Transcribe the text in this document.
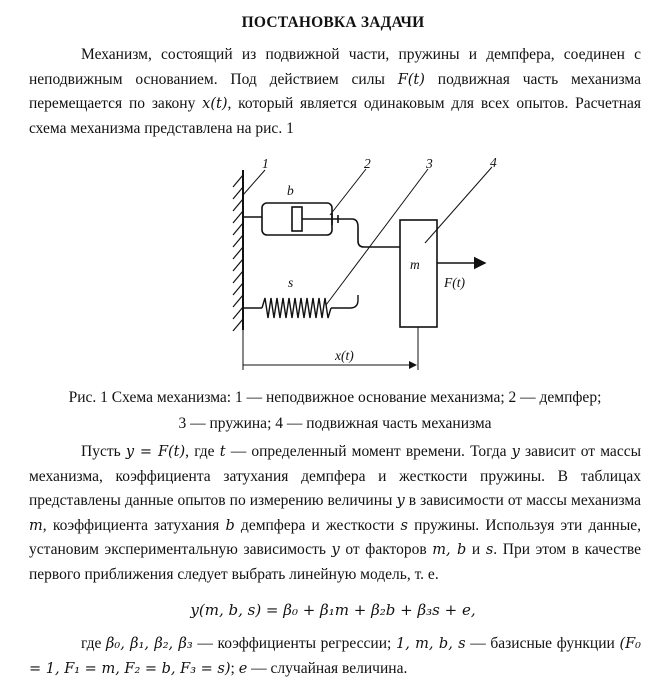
ПОСТАНОВКА ЗАДАЧИ
Механизм, состоящий из подвижной части, пружины и демпфера, соединен с неподвижным основанием. Под действием силы F(t) подвижная часть механизма перемещается по закону x(t), который является одинаковым для всех опытов. Расчетная схема механизма представлена на рис. 1
1	2	3	4
b
s
m
F(t)
x(t)
Рис. 1 Схема механизма: 1 — неподвижное основание механизма; 2 — демпфер;
3 — пружина; 4 — подвижная часть механизма
Пусть y = F(t), где t — определенный момент времени. Тогда y зависит от массы механизма, коэффициента затухания демпфера и жесткости пружины. В таблицах представлены данные опытов по измерению величины y в зависимости от массы механизма m, коэффициента затухания b демпфера и жесткости s пружины. Используя эти данные, установим экспериментальную зависимость y от факторов m, b и s. При этом в качестве первого приближения следует выбрать линейную модель, т. е.
y(m, b, s) = β₀ + β₁m + β₂b + β₃s + e,
где β₀, β₁, β₂, β₃ — коэффициенты регрессии; 1, m, b, s — базисные функции (F₀ = 1, F₁ = m, F₂ = b, F₃ = s); e — случайная величина.
